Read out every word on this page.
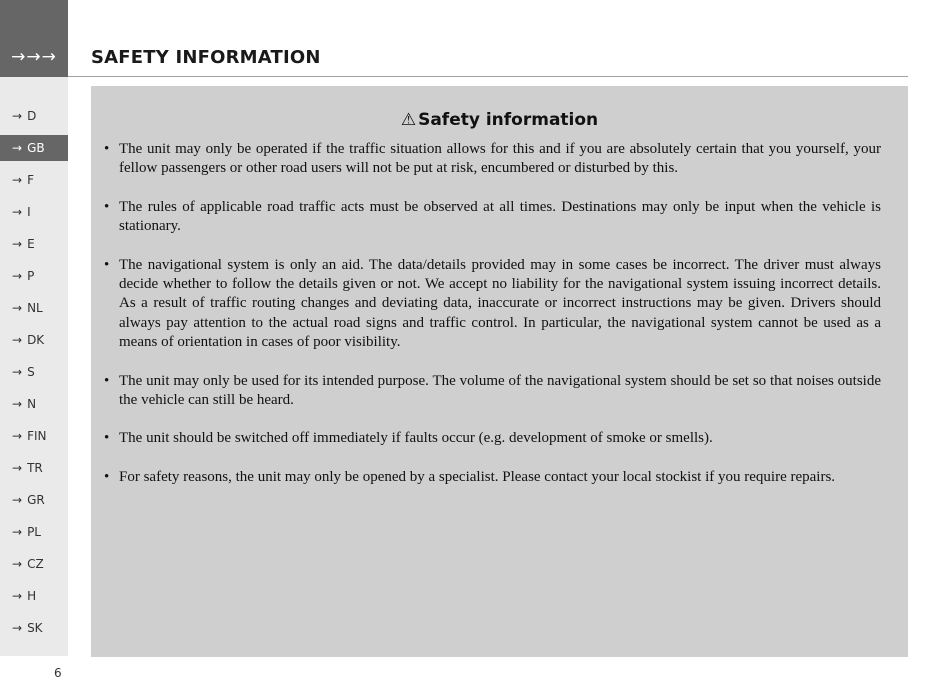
→→→
→ D
→ GB
→ F
→ I
→ E
→ P
→ NL
→ DK
→ S
→ N
→ FIN
→ TR
→ GR
→ PL
→ CZ
→ H
→ SK
SAFETY INFORMATION
⚠ Safety information
• The unit may only be operated if the traffic situation allows for this and if you are absolutely certain that you yourself, your fellow passengers or other road users will not be put at risk, encumbered or disturbed by this.
• The rules of applicable road traffic acts must be observed at all times. Destinations may only be input when the vehicle is stationary.
• The navigational system is only an aid. The data/details provided may in some cases be incorrect. The driver must always decide whether to follow the details given or not. We accept no liability for the navigational system issuing incorrect details. As a result of traffic routing changes and deviating data, inaccurate or incorrect instructions may be given. Drivers should always pay attention to the actual road signs and traffic control. In particular, the navigational system cannot be used as a means of orientation in cases of poor visibility.
• The unit may only be used for its intended purpose. The volume of the navigational system should be set so that noises outside the vehicle can still be heard.
• The unit should be switched off immediately if faults occur (e.g. development of smoke or smells).
• For safety reasons, the unit may only be opened by a specialist. Please contact your local stockist if you require repairs.
6
